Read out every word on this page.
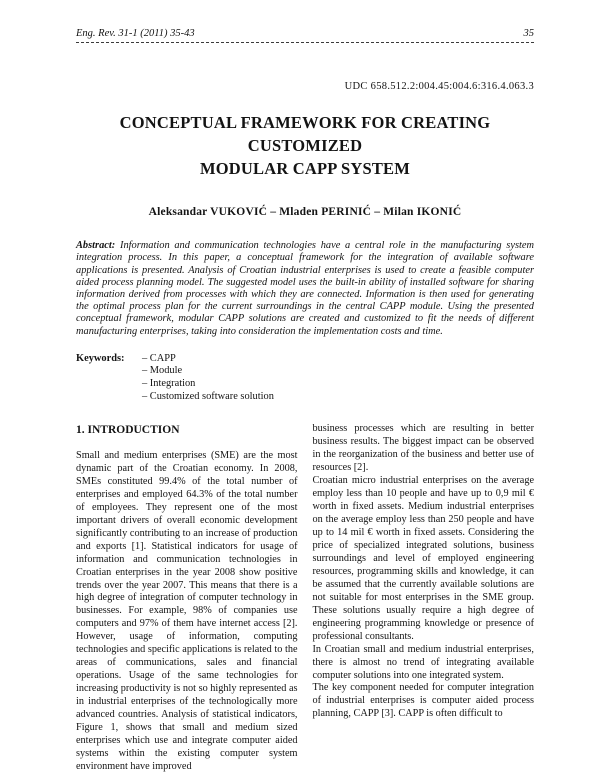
Eng. Rev. 31-1 (2011) 35-43	35
UDC 658.512.2:004.45:004.6:316.4.063.3
CONCEPTUAL FRAMEWORK FOR CREATING CUSTOMIZED
MODULAR CAPP SYSTEM
Aleksandar VUKOVIĆ – Mladen PERINIĆ – Milan IKONIĆ
Abstract: Information and communication technologies have a central role in the manufacturing system integration process. In this paper, a conceptual framework for the integration of available software applications is presented. Analysis of Croatian industrial enterprises is used to create a feasible computer aided process planning model. The suggested model uses the built-in ability of installed software for sharing information derived from processes with which they are connected. Information is then used for generating the optimal process plan for the current surroundings in the central CAPP module. Using the presented conceptual framework, modular CAPP solutions are created and customized to fit the needs of different manufacturing enterprises, taking into consideration the implementation costs and time.
Keywords:	– CAPP
– Module
– Integration
– Customized software solution
1. INTRODUCTION

Small and medium enterprises (SME) are the most dynamic part of the Croatian economy. In 2008, SMEs constituted 99.4% of the total number of enterprises and employed 64.3% of the total number of employees. They represent one of the most important drivers of overall economic development significantly contributing to an increase of production and exports [1]. Statistical indicators for usage of information and communication technologies in Croatian enterprises in the year 2008 show positive trends over the year 2007. This means that there is a high degree of integration of computer technology in businesses. For example, 98% of companies use computers and 97% of them have internet access [2]. However, usage of information, computing technologies and specific applications is related to the areas of communications, sales and financial operations. Usage of the same technologies for increasing productivity is not so highly represented as in industrial enterprises of the technologically more advanced countries. Analysis of statistical indicators, Figure 1, shows that small and medium sized enterprises which use and integrate computer aided systems within the existing computer system environment have improved

business processes which are resulting in better business results. The biggest impact can be observed in the reorganization of the business and better use of resources [2].

Croatian micro industrial enterprises on the average employ less than 10 people and have up to 0,9 mil € worth in fixed assets. Medium industrial enterprises on the average employ less than 250 people and have up to 14 mil € worth in fixed assets. Considering the price of specialized integrated solutions, business surroundings and level of employed engineering resources, programming skills and knowledge, it can be assumed that the currently available solutions are not suitable for most enterprises in the SME group. These solutions usually require a high degree of engineering programming knowledge or presence of professional consultants.

In Croatian small and medium industrial enterprises, there is almost no trend of integrating available computer solutions into one integrated system.

The key component needed for computer integration of industrial enterprises is computer aided process planning, CAPP [3]. CAPP is often difficult to
